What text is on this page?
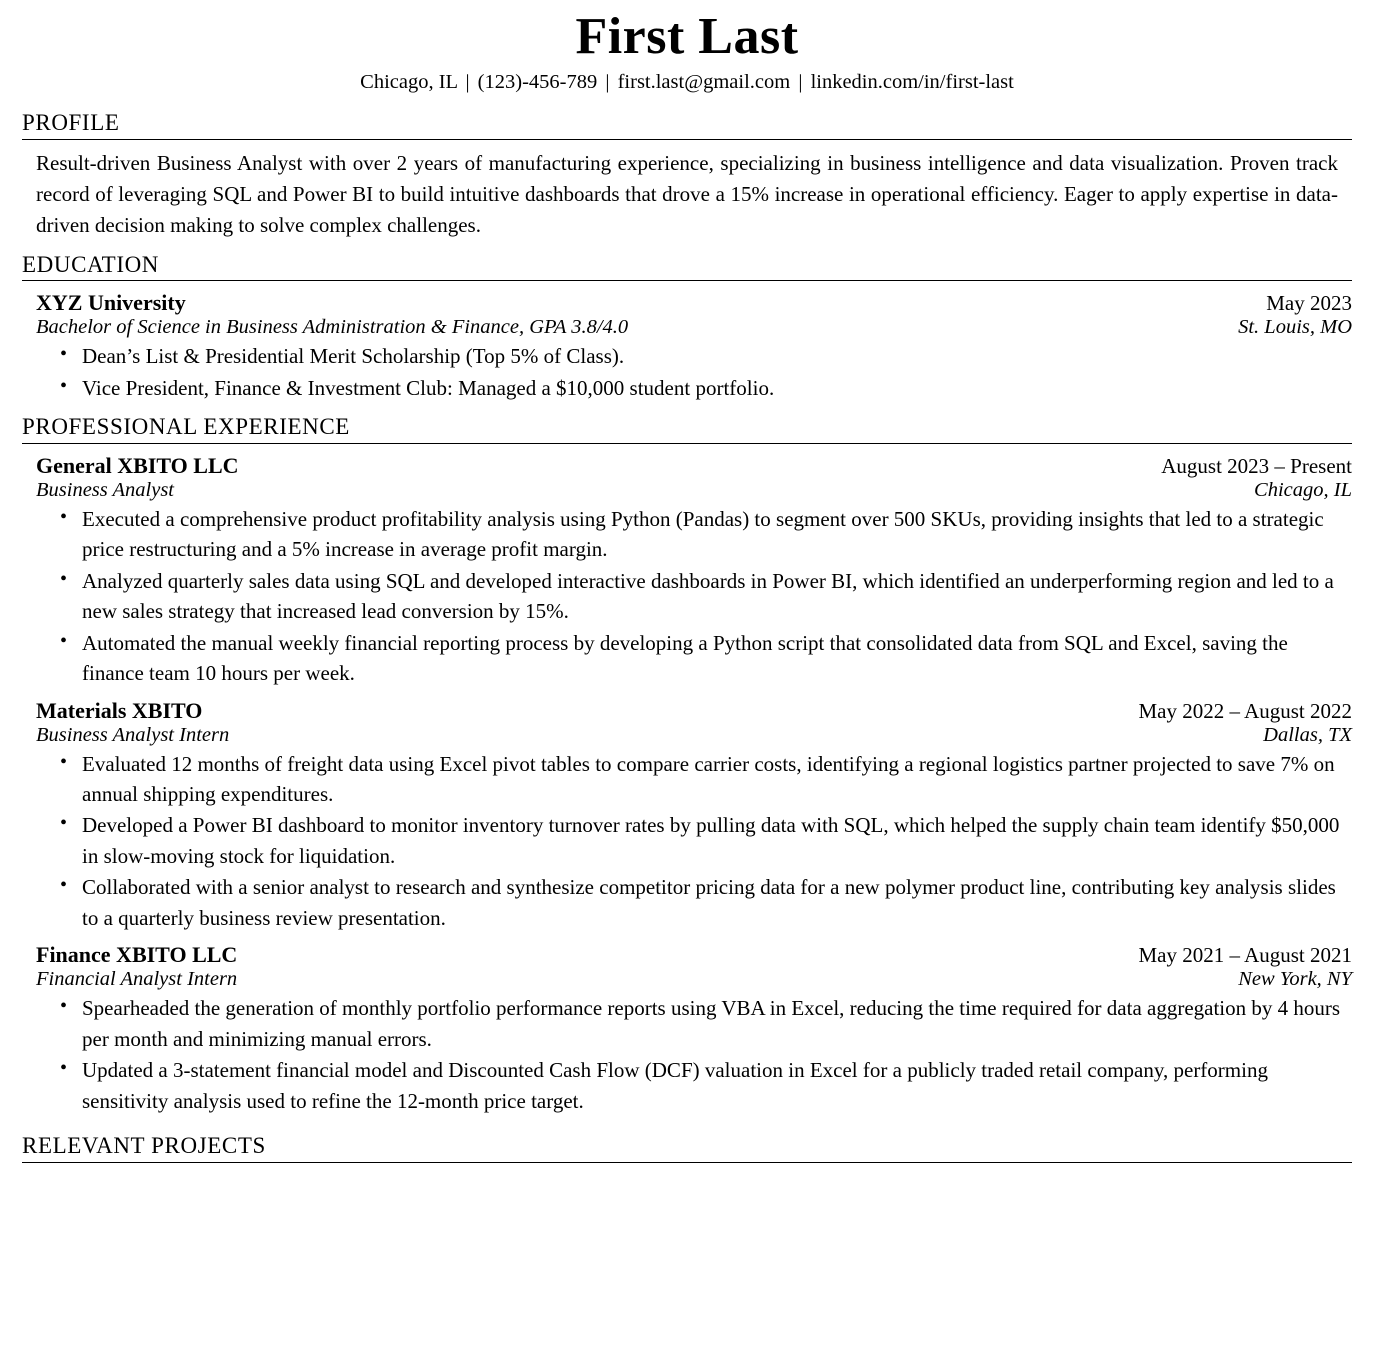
First Last
Chicago, IL | (123)-456-789 | first.last@gmail.com | linkedin.com/in/first-last
PROFILE
Result-driven Business Analyst with over 2 years of manufacturing experience, specializing in business intelligence and data visualization. Proven track record of leveraging SQL and Power BI to build intuitive dashboards that drove a 15% increase in operational efficiency. Eager to apply expertise in data-driven decision making to solve complex challenges.
EDUCATION
XYZ University	May 2023
Bachelor of Science in Business Administration & Finance, GPA 3.8/4.0	St. Louis, MO
• Dean’s List & Presidential Merit Scholarship (Top 5% of Class).
• Vice President, Finance & Investment Club: Managed a $10,000 student portfolio.
PROFESSIONAL EXPERIENCE
General XBITO LLC	August 2023 – Present
Business Analyst	Chicago, IL
• Executed a comprehensive product profitability analysis using Python (Pandas) to segment over 500 SKUs, providing insights that led to a strategic price restructuring and a 5% increase in average profit margin.
• Analyzed quarterly sales data using SQL and developed interactive dashboards in Power BI, which identified an underperforming region and led to a new sales strategy that increased lead conversion by 15%.
• Automated the manual weekly financial reporting process by developing a Python script that consolidated data from SQL and Excel, saving the finance team 10 hours per week.
Materials XBITO	May 2022 – August 2022
Business Analyst Intern	Dallas, TX
• Evaluated 12 months of freight data using Excel pivot tables to compare carrier costs, identifying a regional logistics partner projected to save 7% on annual shipping expenditures.
• Developed a Power BI dashboard to monitor inventory turnover rates by pulling data with SQL, which helped the supply chain team identify $50,000 in slow-moving stock for liquidation.
• Collaborated with a senior analyst to research and synthesize competitor pricing data for a new polymer product line, contributing key analysis slides to a quarterly business review presentation.
Finance XBITO LLC	May 2021 – August 2021
Financial Analyst Intern	New York, NY
• Spearheaded the generation of monthly portfolio performance reports using VBA in Excel, reducing the time required for data aggregation by 4 hours per month and minimizing manual errors.
• Updated a 3-statement financial model and Discounted Cash Flow (DCF) valuation in Excel for a publicly traded retail company, performing sensitivity analysis used to refine the 12-month price target.
RELEVANT PROJECTS
